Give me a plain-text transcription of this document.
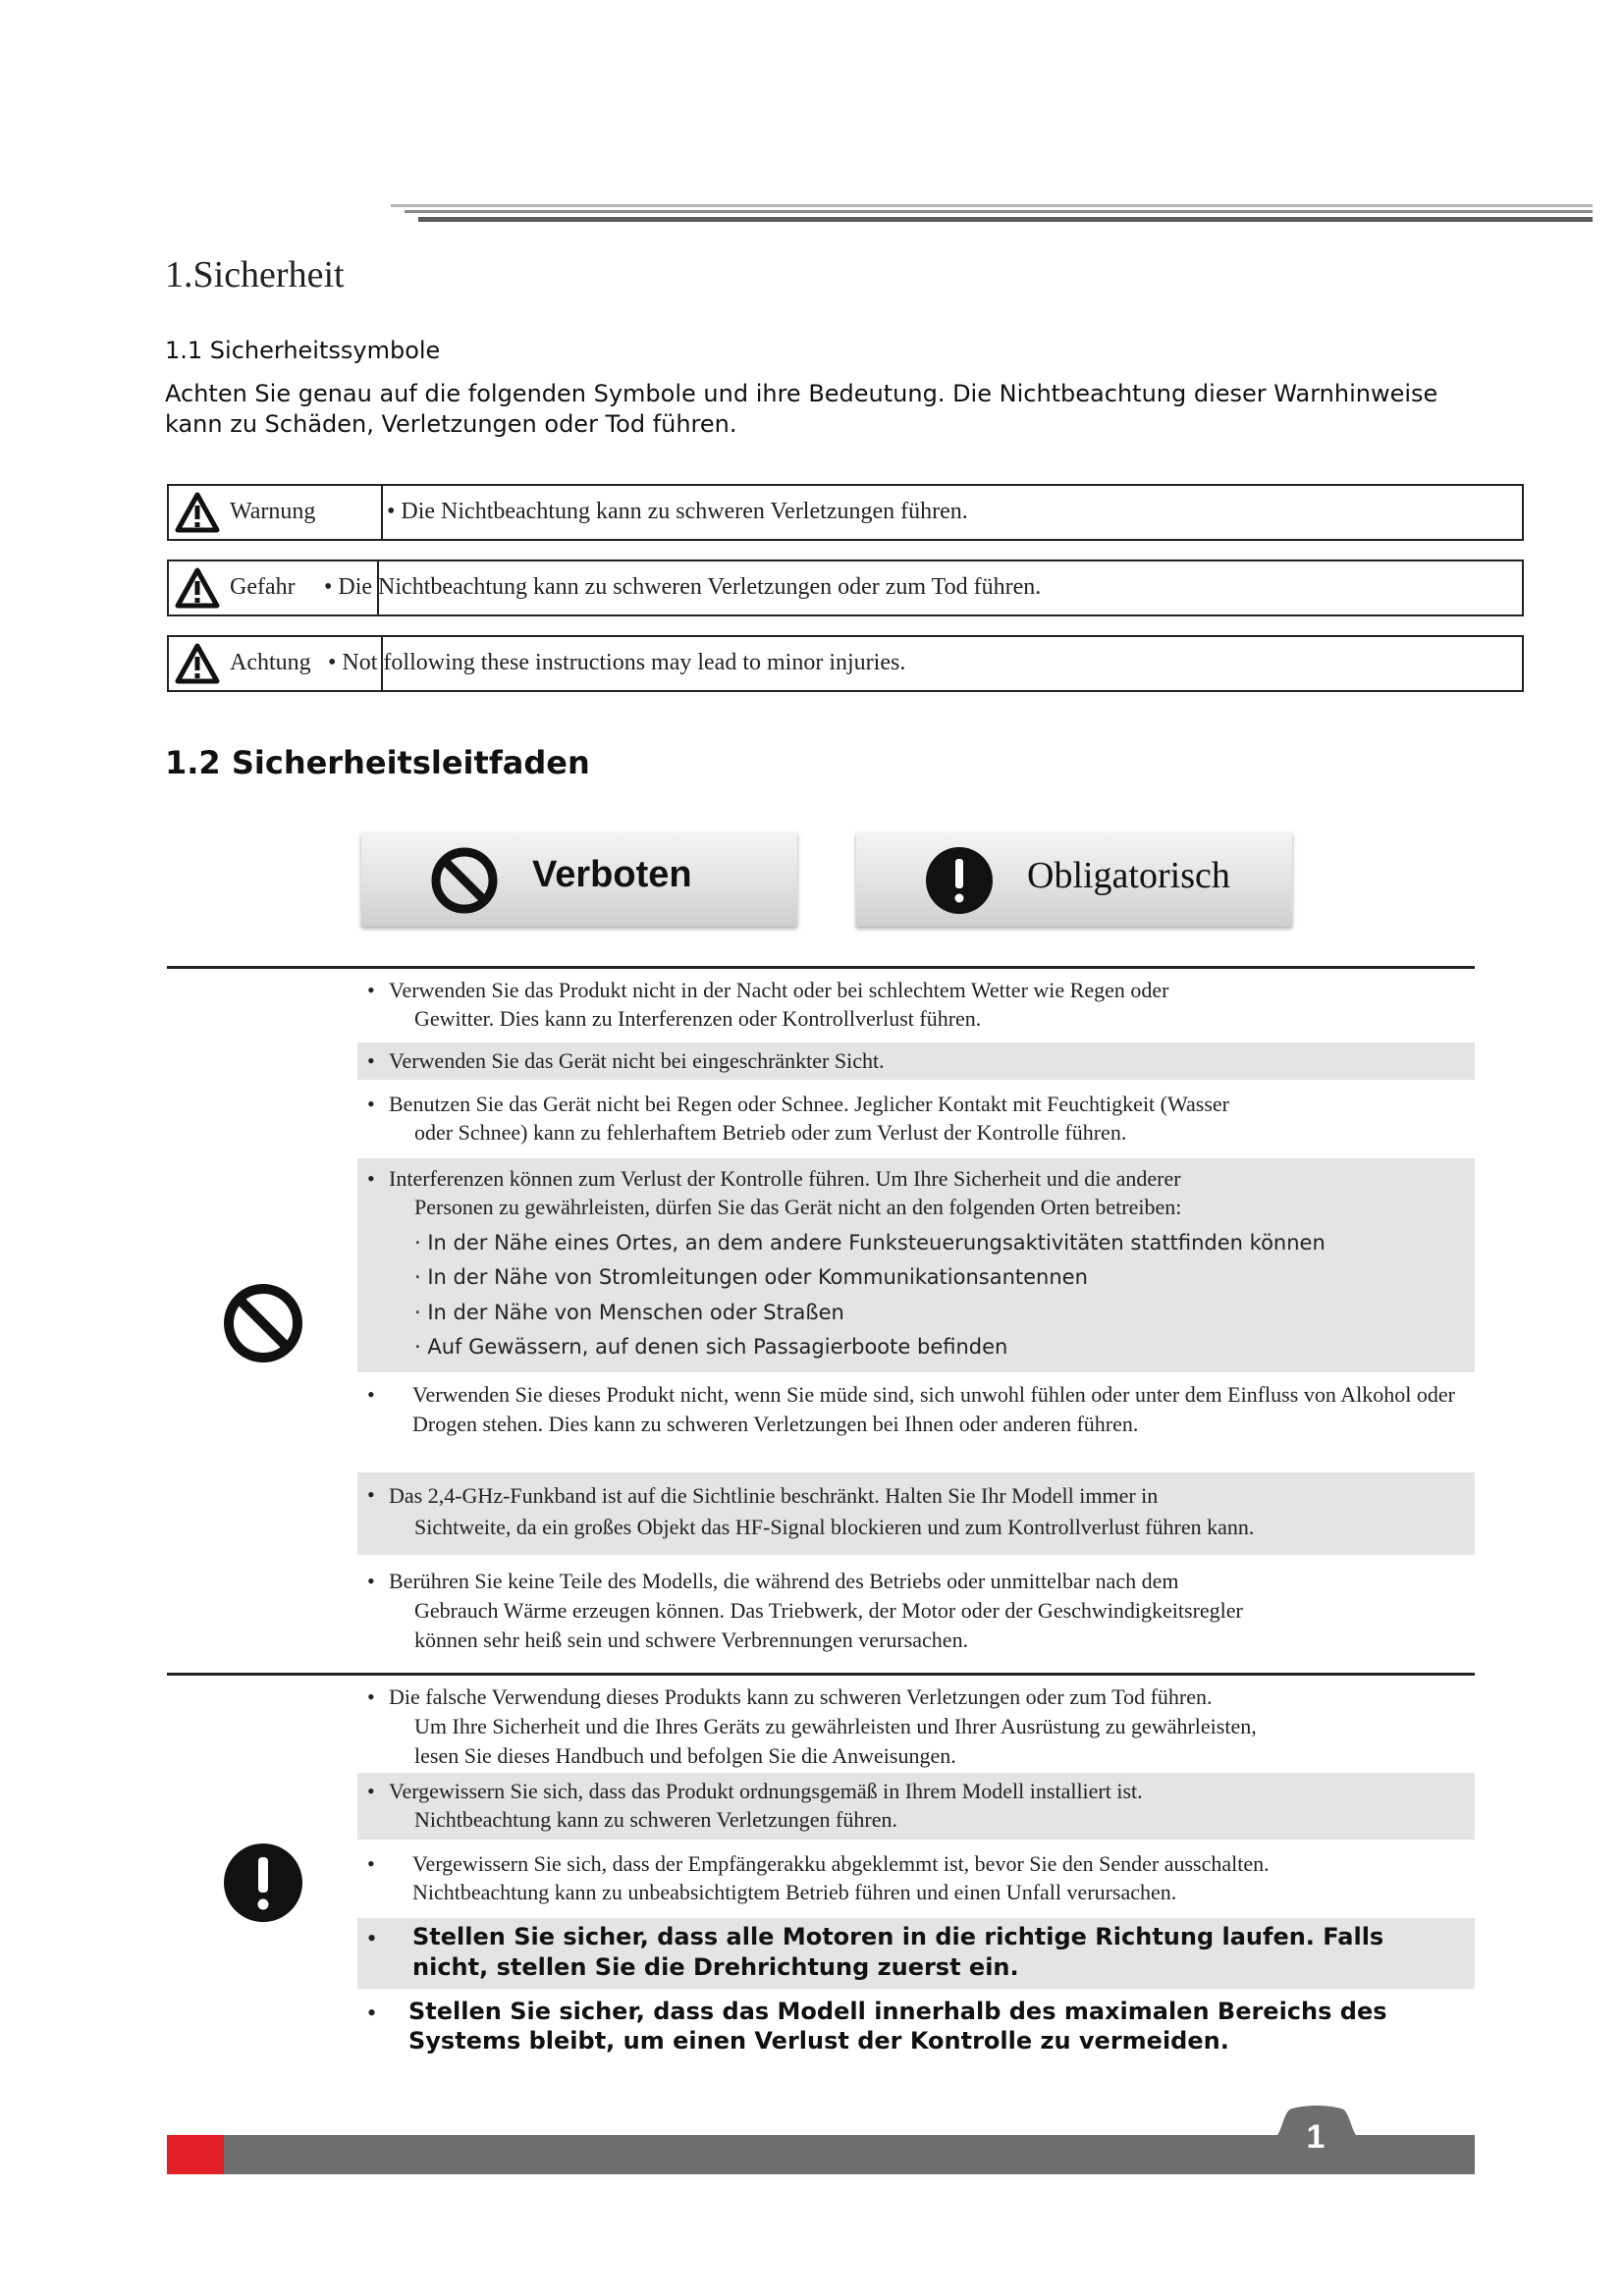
1.Sicherheit
1.1 Sicherheitssymbole
Achten Sie genau auf die folgenden Symbole und ihre Bedeutung. Die Nichtbeachtung dieser Warnhinweise kann zu Schäden, Verletzungen oder Tod führen.
Warnung	• Die Nichtbeachtung kann zu schweren Verletzungen führen.
Gefahr • Die Nichtbeachtung kann zu schweren Verletzungen oder zum Tod führen.
Achtung • Not following these instructions may lead to minor injuries.
1.2 Sicherheitsleitfaden
Verboten	Obligatorisch
• Verwenden Sie das Produkt nicht in der Nacht oder bei schlechtem Wetter wie Regen oder
Gewitter. Dies kann zu Interferenzen oder Kontrollverlust führen.
• Verwenden Sie das Gerät nicht bei eingeschränkter Sicht.
• Benutzen Sie das Gerät nicht bei Regen oder Schnee. Jeglicher Kontakt mit Feuchtigkeit (Wasser
oder Schnee) kann zu fehlerhaftem Betrieb oder zum Verlust der Kontrolle führen.
• Interferenzen können zum Verlust der Kontrolle führen. Um Ihre Sicherheit und die anderer
Personen zu gewährleisten, dürfen Sie das Gerät nicht an den folgenden Orten betreiben:
· In der Nähe eines Ortes, an dem andere Funksteuerungsaktivitäten stattfinden können
· In der Nähe von Stromleitungen oder Kommunikationsantennen
· In der Nähe von Menschen oder Straßen
· Auf Gewässern, auf denen sich Passagierboote befinden
• Verwenden Sie dieses Produkt nicht, wenn Sie müde sind, sich unwohl fühlen oder unter dem Einfluss von Alkohol oder Drogen stehen. Dies kann zu schweren Verletzungen bei Ihnen oder anderen führen.
• Das 2,4-GHz-Funkband ist auf die Sichtlinie beschränkt. Halten Sie Ihr Modell immer in
Sichtweite, da ein großes Objekt das HF-Signal blockieren und zum Kontrollverlust führen kann.
• Berühren Sie keine Teile des Modells, die während des Betriebs oder unmittelbar nach dem
Gebrauch Wärme erzeugen können. Das Triebwerk, der Motor oder der Geschwindigkeitsregler
können sehr heiß sein und schwere Verbrennungen verursachen.
• Die falsche Verwendung dieses Produkts kann zu schweren Verletzungen oder zum Tod führen.
Um Ihre Sicherheit und die Ihres Geräts zu gewährleisten und Ihrer Ausrüstung zu gewährleisten,
lesen Sie dieses Handbuch und befolgen Sie die Anweisungen.
• Vergewissern Sie sich, dass das Produkt ordnungsgemäß in Ihrem Modell installiert ist.
Nichtbeachtung kann zu schweren Verletzungen führen.
• Vergewissern Sie sich, dass der Empfängerakku abgeklemmt ist, bevor Sie den Sender ausschalten.
Nichtbeachtung kann zu unbeabsichtigtem Betrieb führen und einen Unfall verursachen.
• Stellen Sie sicher, dass alle Motoren in die richtige Richtung laufen. Falls nicht, stellen Sie die Drehrichtung zuerst ein.
• Stellen Sie sicher, dass das Modell innerhalb des maximalen Bereichs des Systems bleibt, um einen Verlust der Kontrolle zu vermeiden.
1
